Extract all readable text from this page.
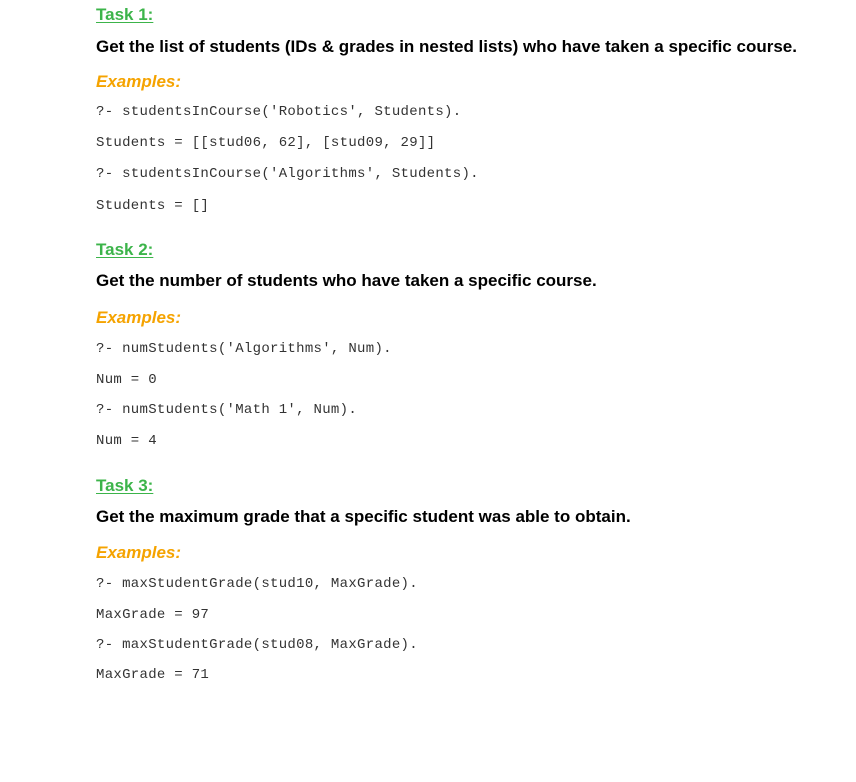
Task 1:
Get the list of students (IDs & grades in nested lists) who have taken a specific course.
Examples:
?- studentsInCourse('Robotics', Students).
Students = [[stud06, 62], [stud09, 29]]
?- studentsInCourse('Algorithms', Students).
Students = []
Task 2:
Get the number of students who have taken a specific course.
Examples:
?- numStudents('Algorithms', Num).
Num = 0
?- numStudents('Math 1', Num).
Num = 4
Task 3:
Get the maximum grade that a specific student was able to obtain.
Examples:
?- maxStudentGrade(stud10, MaxGrade).
MaxGrade = 97
?- maxStudentGrade(stud08, MaxGrade).
MaxGrade = 71
